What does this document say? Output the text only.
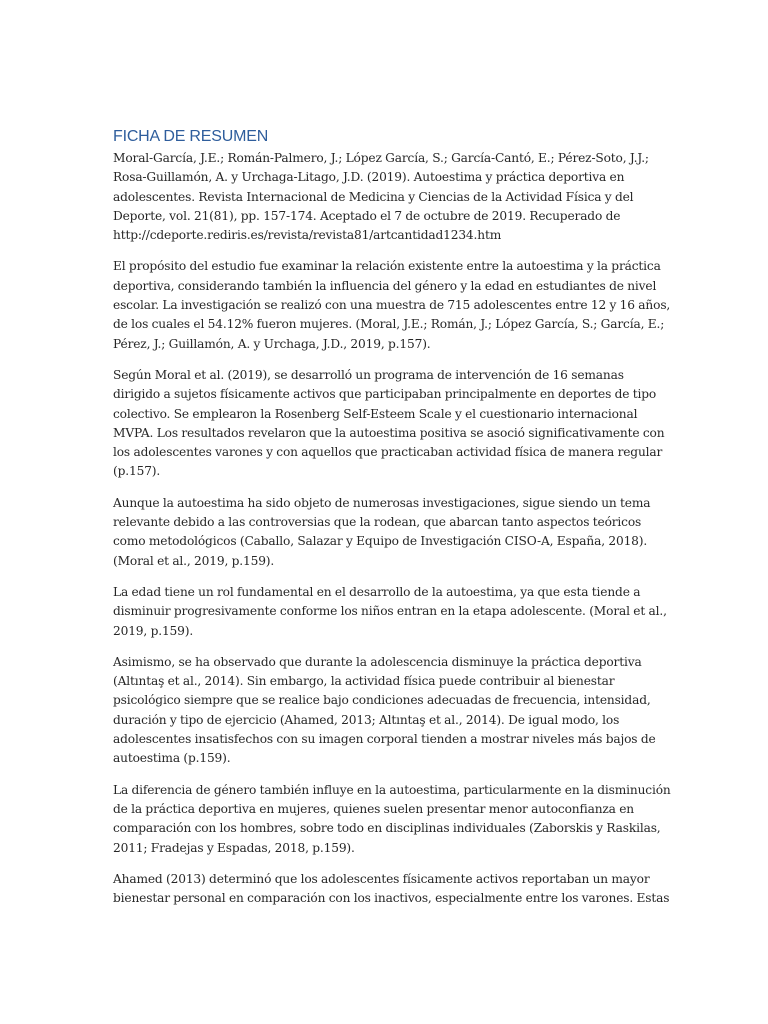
FICHA DE RESUMEN

Moral-García, J.E.; Román-Palmero, J.; López García, S.; García-Cantó, E.; Pérez-Soto, J.J.;
Rosa-Guillamón, A. y Urchaga-Litago, J.D. (2019). Autoestima y práctica deportiva en
adolescentes. Revista Internacional de Medicina y Ciencias de la Actividad Física y del
Deporte, vol. 21(81), pp. 157-174. Aceptado el 7 de octubre de 2019. Recuperado de
http://cdeporte.rediris.es/revista/revista81/artcantidad1234.htm

El propósito del estudio fue examinar la relación existente entre la autoestima y la práctica
deportiva, considerando también la influencia del género y la edad en estudiantes de nivel
escolar. La investigación se realizó con una muestra de 715 adolescentes entre 12 y 16 años,
de los cuales el 54.12% fueron mujeres. (Moral, J.E.; Román, J.; López García, S.; García, E.;
Pérez, J.; Guillamón, A. y Urchaga, J.D., 2019, p.157).

Según Moral et al. (2019), se desarrolló un programa de intervención de 16 semanas
dirigido a sujetos físicamente activos que participaban principalmente en deportes de tipo
colectivo. Se emplearon la Rosenberg Self-Esteem Scale y el cuestionario internacional
MVPA. Los resultados revelaron que la autoestima positiva se asoció significativamente con
los adolescentes varones y con aquellos que practicaban actividad física de manera regular
(p.157).

Aunque la autoestima ha sido objeto de numerosas investigaciones, sigue siendo un tema
relevante debido a las controversias que la rodean, que abarcan tanto aspectos teóricos
como metodológicos (Caballo, Salazar y Equipo de Investigación CISO-A, España, 2018).
(Moral et al., 2019, p.159).

La edad tiene un rol fundamental en el desarrollo de la autoestima, ya que esta tiende a
disminuir progresivamente conforme los niños entran en la etapa adolescente. (Moral et al.,
2019, p.159).

Asimismo, se ha observado que durante la adolescencia disminuye la práctica deportiva
(Altıntaş et al., 2014). Sin embargo, la actividad física puede contribuir al bienestar
psicológico siempre que se realice bajo condiciones adecuadas de frecuencia, intensidad,
duración y tipo de ejercicio (Ahamed, 2013; Altıntaş et al., 2014). De igual modo, los
adolescentes insatisfechos con su imagen corporal tienden a mostrar niveles más bajos de
autoestima (p.159).

La diferencia de género también influye en la autoestima, particularmente en la disminución
de la práctica deportiva en mujeres, quienes suelen presentar menor autoconfianza en
comparación con los hombres, sobre todo en disciplinas individuales (Zaborskis y Raskilas,
2011; Fradejas y Espadas, 2018, p.159).

Ahamed (2013) determinó que los adolescentes físicamente activos reportaban un mayor
bienestar personal en comparación con los inactivos, especialmente entre los varones. Estas
